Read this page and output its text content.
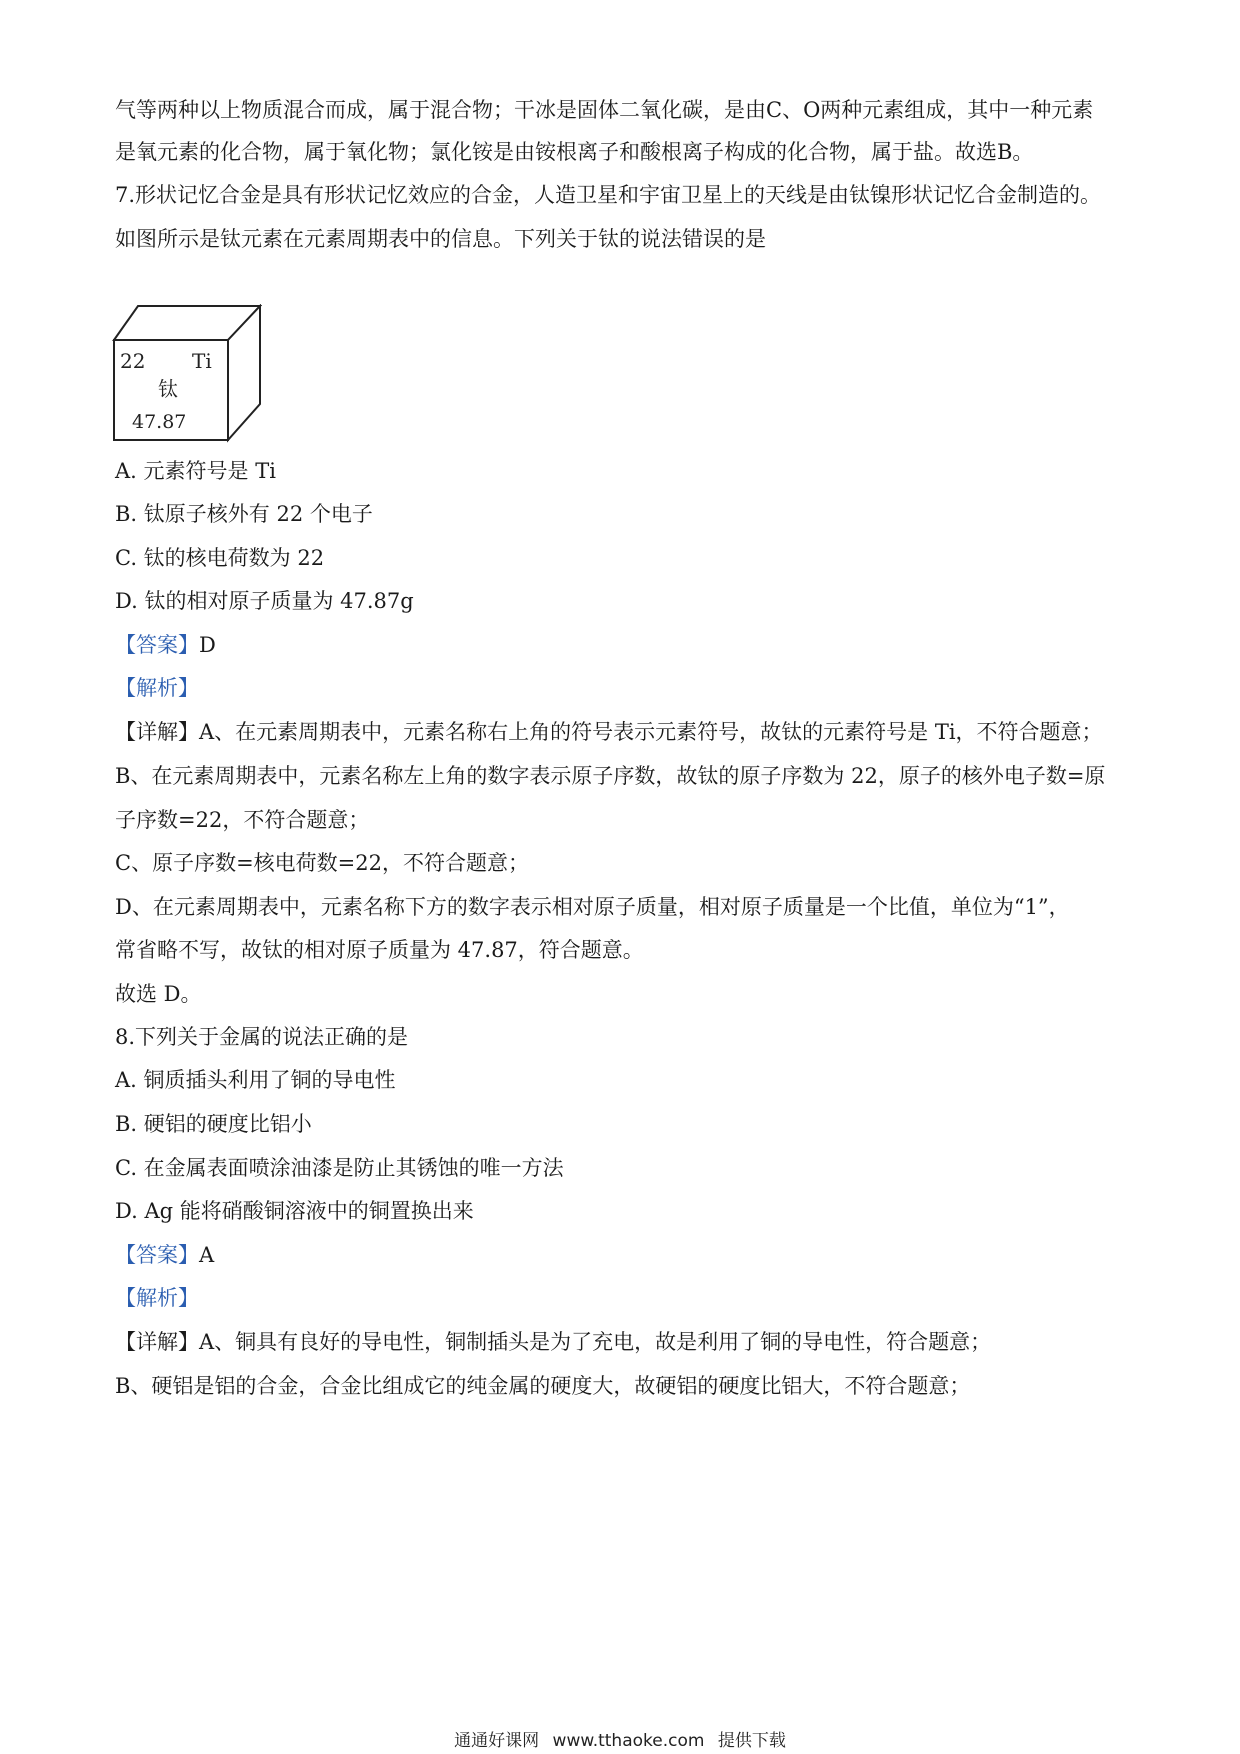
气等两种以上物质混合而成，属于混合物；干冰是固体二氧化碳，是由C、O两种元素组成，其中一种元素
是氧元素的化合物，属于氧化物；氯化铵是由铵根离子和酸根离子构成的化合物，属于盐。故选B。
7.形状记忆合金是具有形状记忆效应的合金，人造卫星和宇宙卫星上的天线是由钛镍形状记忆合金制造的。
如图所示是钛元素在元素周期表中的信息。下列关于钛的说法错误的是
22 Ti
钛
47.87
A. 元素符号是 Ti
B. 钛原子核外有 22 个电子
C. 钛的核电荷数为 22
D. 钛的相对原子质量为 47.87g
【答案】D
【解析】
【详解】A、在元素周期表中，元素名称右上角的符号表示元素符号，故钛的元素符号是 Ti，不符合题意；
B、在元素周期表中，元素名称左上角的数字表示原子序数，故钛的原子序数为 22，原子的核外电子数=原
子序数=22，不符合题意；
C、原子序数=核电荷数=22，不符合题意；
D、在元素周期表中，元素名称下方的数字表示相对原子质量，相对原子质量是一个比值，单位为“1”，
常省略不写，故钛的相对原子质量为 47.87，符合题意。
故选 D。
8.下列关于金属的说法正确的是
A. 铜质插头利用了铜的导电性
B. 硬铝的硬度比铝小
C. 在金属表面喷涂油漆是防止其锈蚀的唯一方法
D. Ag 能将硝酸铜溶液中的铜置换出来
【答案】A
【解析】
【详解】A、铜具有良好的导电性，铜制插头是为了充电，故是利用了铜的导电性，符合题意；
B、硬铝是铝的合金，合金比组成它的纯金属的硬度大，故硬铝的硬度比铝大，不符合题意；
通通好课网 www.tthaoke.com 提供下载
